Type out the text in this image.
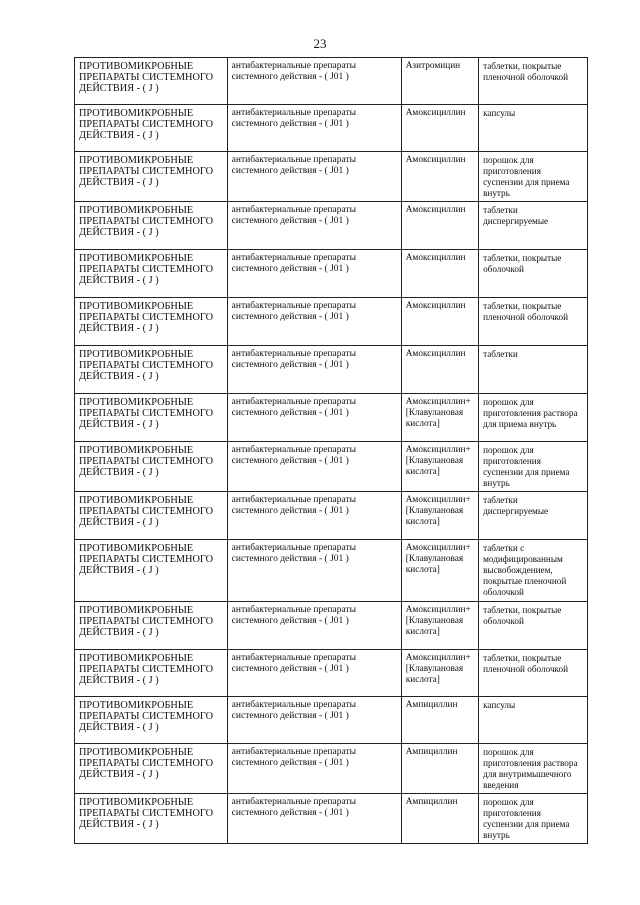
23
ПРОТИВОМИКРОБНЫЕ ПРЕПАРАТЫ СИСТЕМНОГО ДЕЙСТВИЯ - ( J )	антибактериальные препараты системного действия - ( J01 )	Азитромицин	таблетки, покрытые пленочной оболочкой

ПРОТИВОМИКРОБНЫЕ ПРЕПАРАТЫ СИСТЕМНОГО ДЕЙСТВИЯ - ( J )	антибактериальные препараты системного действия - ( J01 )	Амоксициллин	капсулы

ПРОТИВОМИКРОБНЫЕ ПРЕПАРАТЫ СИСТЕМНОГО ДЕЙСТВИЯ - ( J )	антибактериальные препараты системного действия - ( J01 )	Амоксициллин	порошок для приготовления суспензии для приема внутрь

ПРОТИВОМИКРОБНЫЕ ПРЕПАРАТЫ СИСТЕМНОГО ДЕЙСТВИЯ - ( J )	антибактериальные препараты системного действия - ( J01 )	Амоксициллин	таблетки диспергируемые

ПРОТИВОМИКРОБНЫЕ ПРЕПАРАТЫ СИСТЕМНОГО ДЕЙСТВИЯ - ( J )	антибактериальные препараты системного действия - ( J01 )	Амоксициллин	таблетки, покрытые оболочкой

ПРОТИВОМИКРОБНЫЕ ПРЕПАРАТЫ СИСТЕМНОГО ДЕЙСТВИЯ - ( J )	антибактериальные препараты системного действия - ( J01 )	Амоксициллин	таблетки, покрытые пленочной оболочкой

ПРОТИВОМИКРОБНЫЕ ПРЕПАРАТЫ СИСТЕМНОГО ДЕЙСТВИЯ - ( J )	антибактериальные препараты системного действия - ( J01 )	Амоксициллин	таблетки

ПРОТИВОМИКРОБНЫЕ ПРЕПАРАТЫ СИСТЕМНОГО ДЕЙСТВИЯ - ( J )	антибактериальные препараты системного действия - ( J01 )	Амоксициллин+ [Клавулановая кислота]	порошок для приготовления раствора для приема внутрь

ПРОТИВОМИКРОБНЫЕ ПРЕПАРАТЫ СИСТЕМНОГО ДЕЙСТВИЯ - ( J )	антибактериальные препараты системного действия - ( J01 )	Амоксициллин+ [Клавулановая кислота]	порошок для приготовления суспензии для приема внутрь

ПРОТИВОМИКРОБНЫЕ ПРЕПАРАТЫ СИСТЕМНОГО ДЕЙСТВИЯ - ( J )	антибактериальные препараты системного действия - ( J01 )	Амоксициллин+ [Клавулановая кислота]	таблетки диспергируемые

ПРОТИВОМИКРОБНЫЕ ПРЕПАРАТЫ СИСТЕМНОГО ДЕЙСТВИЯ - ( J )	антибактериальные препараты системного действия - ( J01 )	Амоксициллин+ [Клавулановая кислота]	таблетки с модифицированным высвобождением, покрытые пленочной оболочкой

ПРОТИВОМИКРОБНЫЕ ПРЕПАРАТЫ СИСТЕМНОГО ДЕЙСТВИЯ - ( J )	антибактериальные препараты системного действия - ( J01 )	Амоксициллин+ [Клавулановая кислота]	таблетки, покрытые оболочкой

ПРОТИВОМИКРОБНЫЕ ПРЕПАРАТЫ СИСТЕМНОГО ДЕЙСТВИЯ - ( J )	антибактериальные препараты системного действия - ( J01 )	Амоксициллин+ [Клавулановая кислота]	таблетки, покрытые пленочной оболочкой

ПРОТИВОМИКРОБНЫЕ ПРЕПАРАТЫ СИСТЕМНОГО ДЕЙСТВИЯ - ( J )	антибактериальные препараты системного действия - ( J01 )	Ампициллин	капсулы

ПРОТИВОМИКРОБНЫЕ ПРЕПАРАТЫ СИСТЕМНОГО ДЕЙСТВИЯ - ( J )	антибактериальные препараты системного действия - ( J01 )	Ампициллин	порошок для приготовления раствора для внутримышечного введения

ПРОТИВОМИКРОБНЫЕ ПРЕПАРАТЫ СИСТЕМНОГО ДЕЙСТВИЯ - ( J )	антибактериальные препараты системного действия - ( J01 )	Ампициллин	порошок для приготовления суспензии для приема внутрь
